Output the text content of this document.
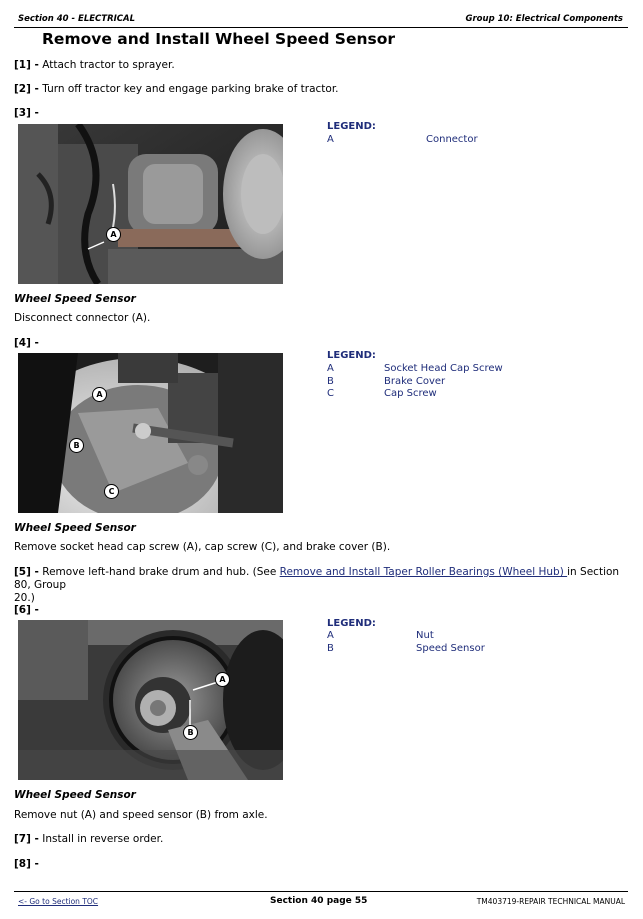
Section 40 - ELECTRICAL	Group 10: Electrical Components
Remove and Install Wheel Speed Sensor
[1] - Attach tractor to sprayer.
[2] - Turn off tractor key and engage parking brake of tractor.
[3] -
A
LEGEND:
A	Connector
Wheel Speed Sensor
Disconnect connector (A).
[4] -
A
B
C
LEGEND:
A	Socket Head Cap Screw
B	Brake Cover
C	Cap Screw
Wheel Speed Sensor
Remove socket head cap screw (A), cap screw (C), and brake cover (B).
[5] - Remove left-hand brake drum and hub. (See Remove and Install Taper Roller Bearings (Wheel Hub) in Section 80, Group
20.)
[6] -
A
B
LEGEND:
A	Nut
B	Speed Sensor
Wheel Speed Sensor
Remove nut (A) and speed sensor (B) from axle.
[7] - Install in reverse order.
[8] -
<- Go to Section TOC	Section 40 page 55	TM403719-REPAIR TECHNICAL MANUAL
